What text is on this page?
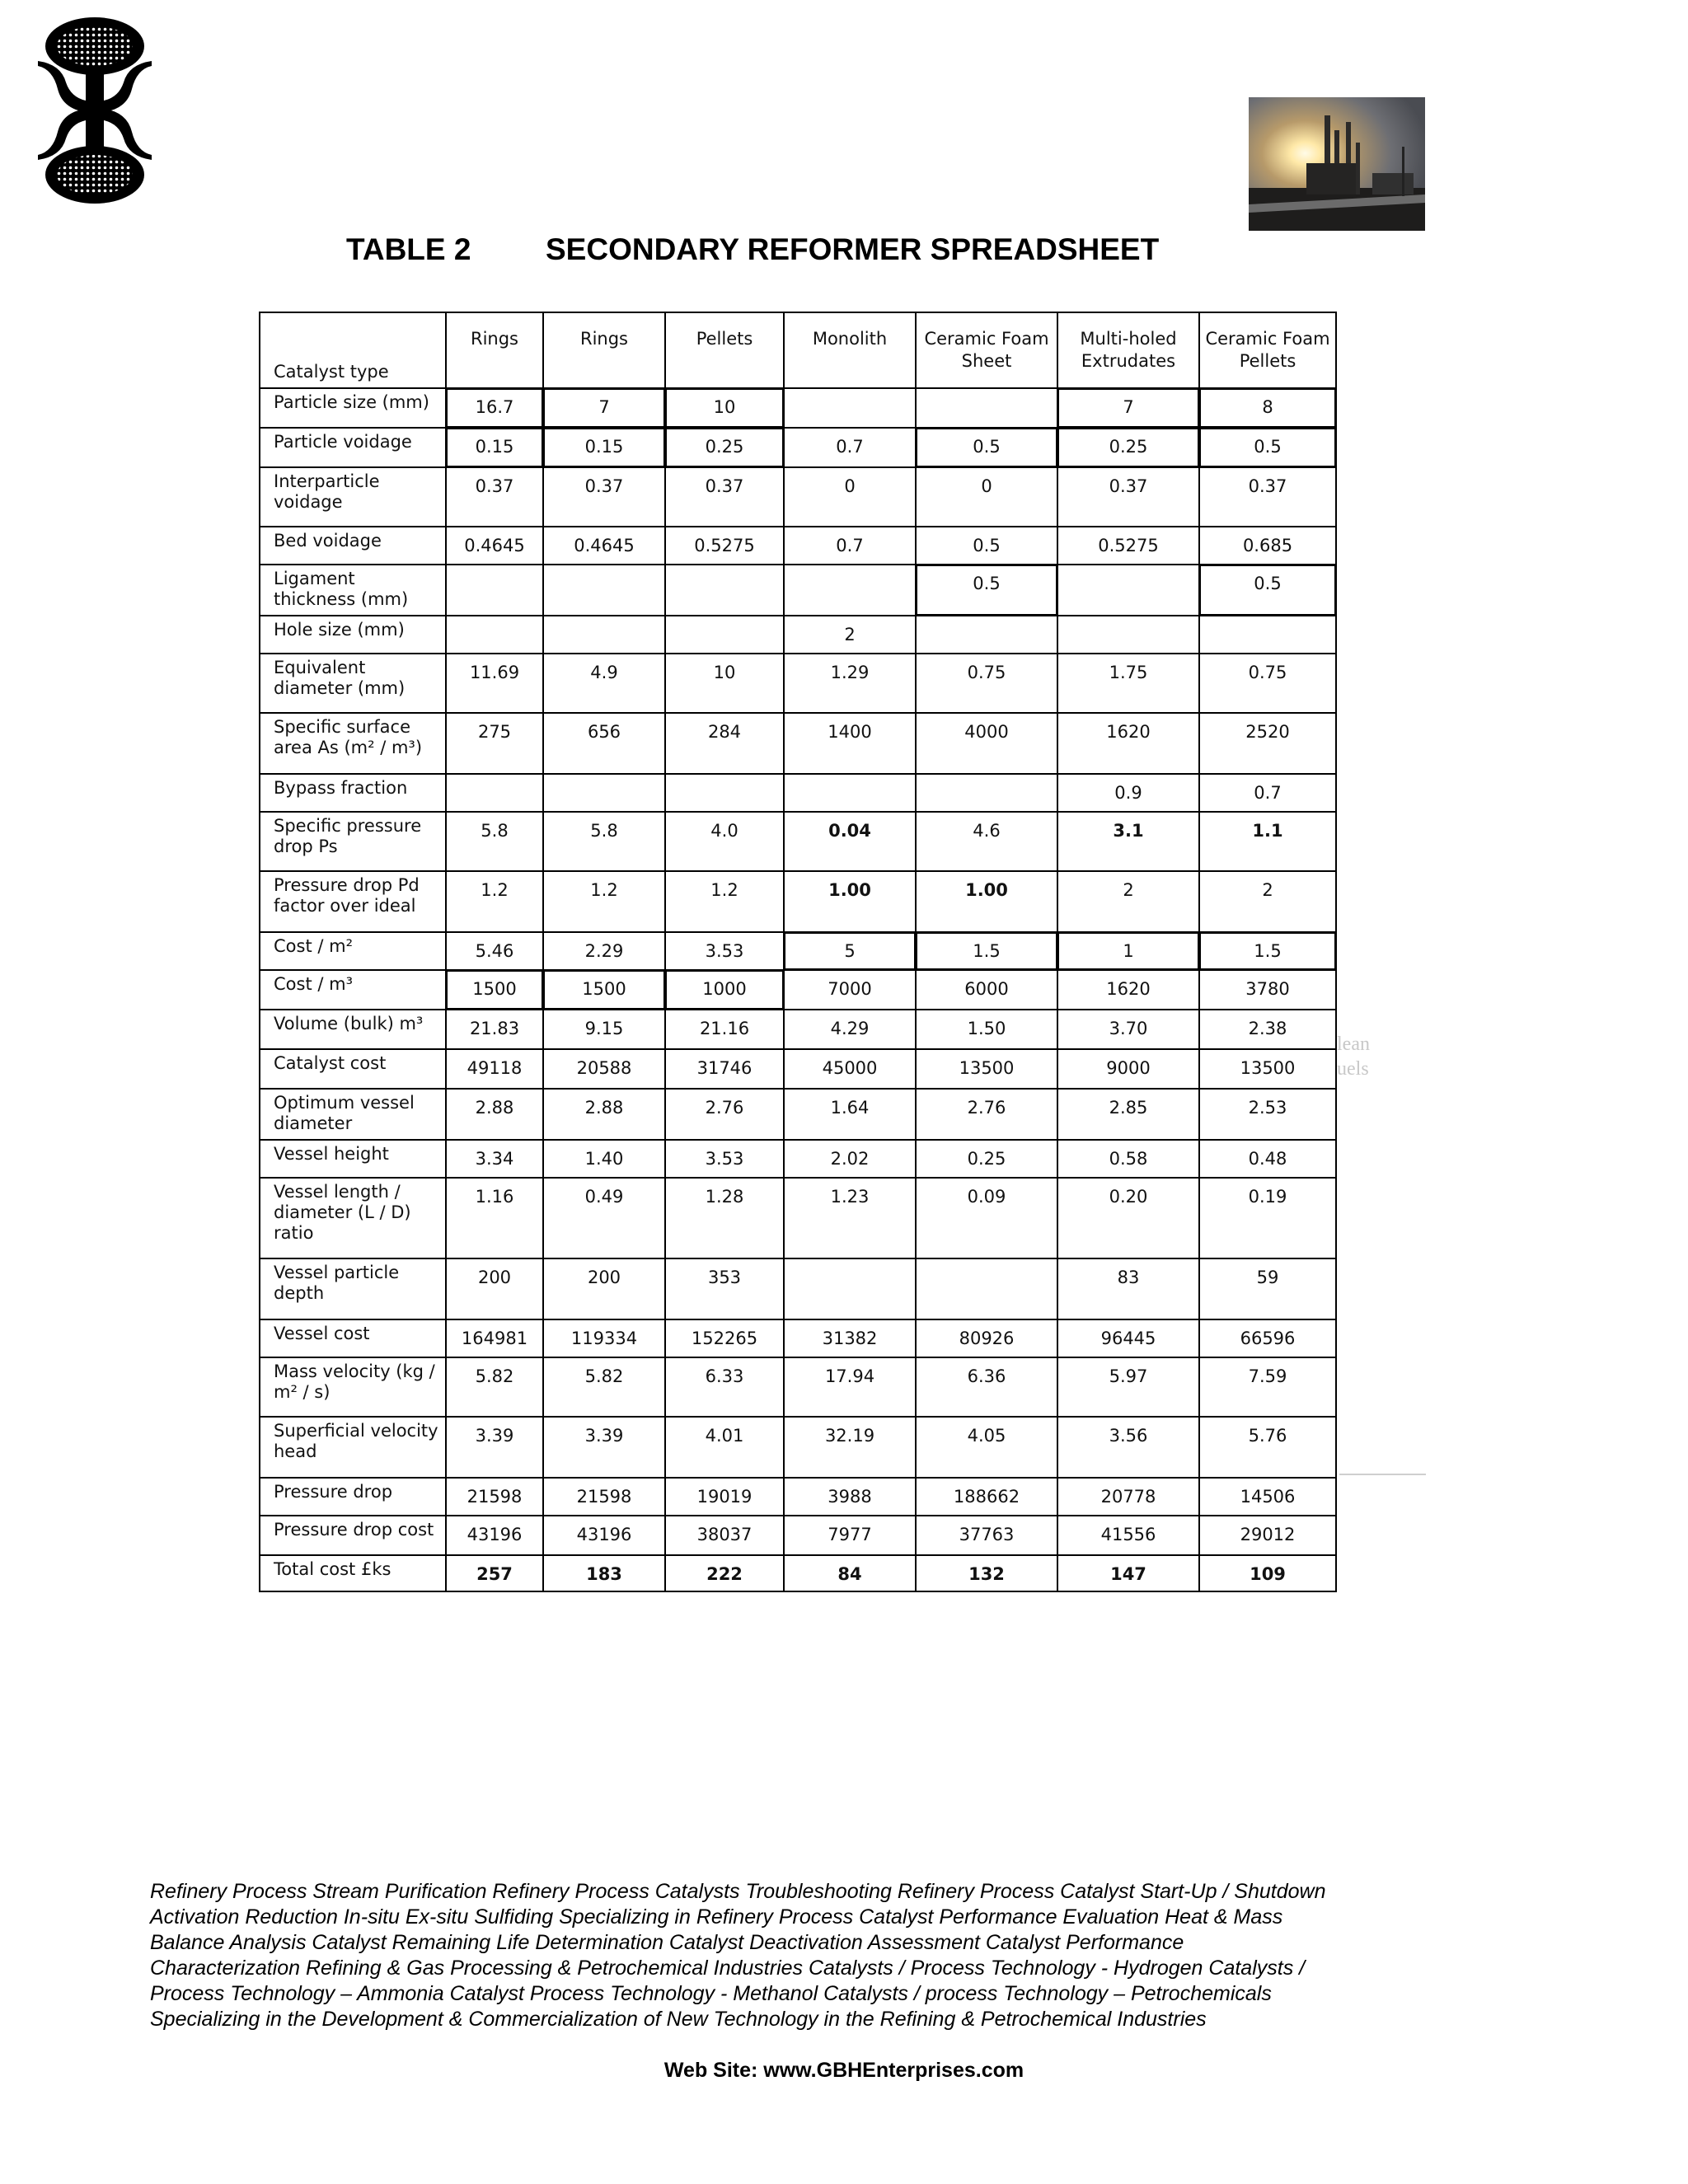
TABLE 2 SECONDARY REFORMER SPREADSHEET
Catalyst type	Rings	Rings	Pellets	Monolith	Ceramic Foam Sheet	Multi-holed Extrudates	Ceramic Foam Pellets
Particle size (mm)	16.7	7	10			7	8
Particle voidage	0.15	0.15	0.25	0.7	0.5	0.25	0.5
Interparticle voidage	0.37	0.37	0.37	0	0	0.37	0.37
Bed voidage	0.4645	0.4645	0.5275	0.7	0.5	0.5275	0.685
Ligament thickness (mm)					0.5		0.5
Hole size (mm)				2			
Equivalent diameter (mm)	11.69	4.9	10	1.29	0.75	1.75	0.75
Specific surface area As (m² / m³)	275	656	284	1400	4000	1620	2520
Bypass fraction						0.9	0.7
Specific pressure drop Ps	5.8	5.8	4.0	0.04	4.6	3.1	1.1
Pressure drop Pd factor over ideal	1.2	1.2	1.2	1.00	1.00	2	2
Cost / m²	5.46	2.29	3.53	5	1.5	1	1.5
Cost / m³	1500	1500	1000	7000	6000	1620	3780
Volume (bulk) m³	21.83	9.15	21.16	4.29	1.50	3.70	2.38
Catalyst cost	49118	20588	31746	45000	13500	9000	13500
Optimum vessel diameter	2.88	2.88	2.76	1.64	2.76	2.85	2.53
Vessel height	3.34	1.40	3.53	2.02	0.25	0.58	0.48
Vessel length / diameter (L / D) ratio	1.16	0.49	1.28	1.23	0.09	0.20	0.19
Vessel particle depth	200	200	353			83	59
Vessel cost	164981	119334	152265	31382	80926	96445	66596
Mass velocity (kg / m² / s)	5.82	5.82	6.33	17.94	6.36	5.97	7.59
Superficial velocity head	3.39	3.39	4.01	32.19	4.05	3.56	5.76
Pressure drop	21598	21598	19019	3988	188662	20778	14506
Pressure drop cost	43196	43196	38037	7977	37763	41556	29012
Total cost £ks	257	183	222	84	132	147	109
lean
uels
Refinery Process Stream Purification Refinery Process Catalysts Troubleshooting Refinery Process Catalyst Start-Up / Shutdown
Activation Reduction In-situ Ex-situ Sulfiding Specializing in Refinery Process Catalyst Performance Evaluation Heat & Mass
Balance Analysis Catalyst Remaining Life Determination Catalyst Deactivation Assessment Catalyst Performance
Characterization Refining & Gas Processing & Petrochemical Industries Catalysts / Process Technology - Hydrogen Catalysts /
Process Technology – Ammonia Catalyst Process Technology - Methanol Catalysts / process Technology – Petrochemicals
Specializing in the Development & Commercialization of New Technology in the Refining & Petrochemical Industries
Web Site: www.GBHEnterprises.com
